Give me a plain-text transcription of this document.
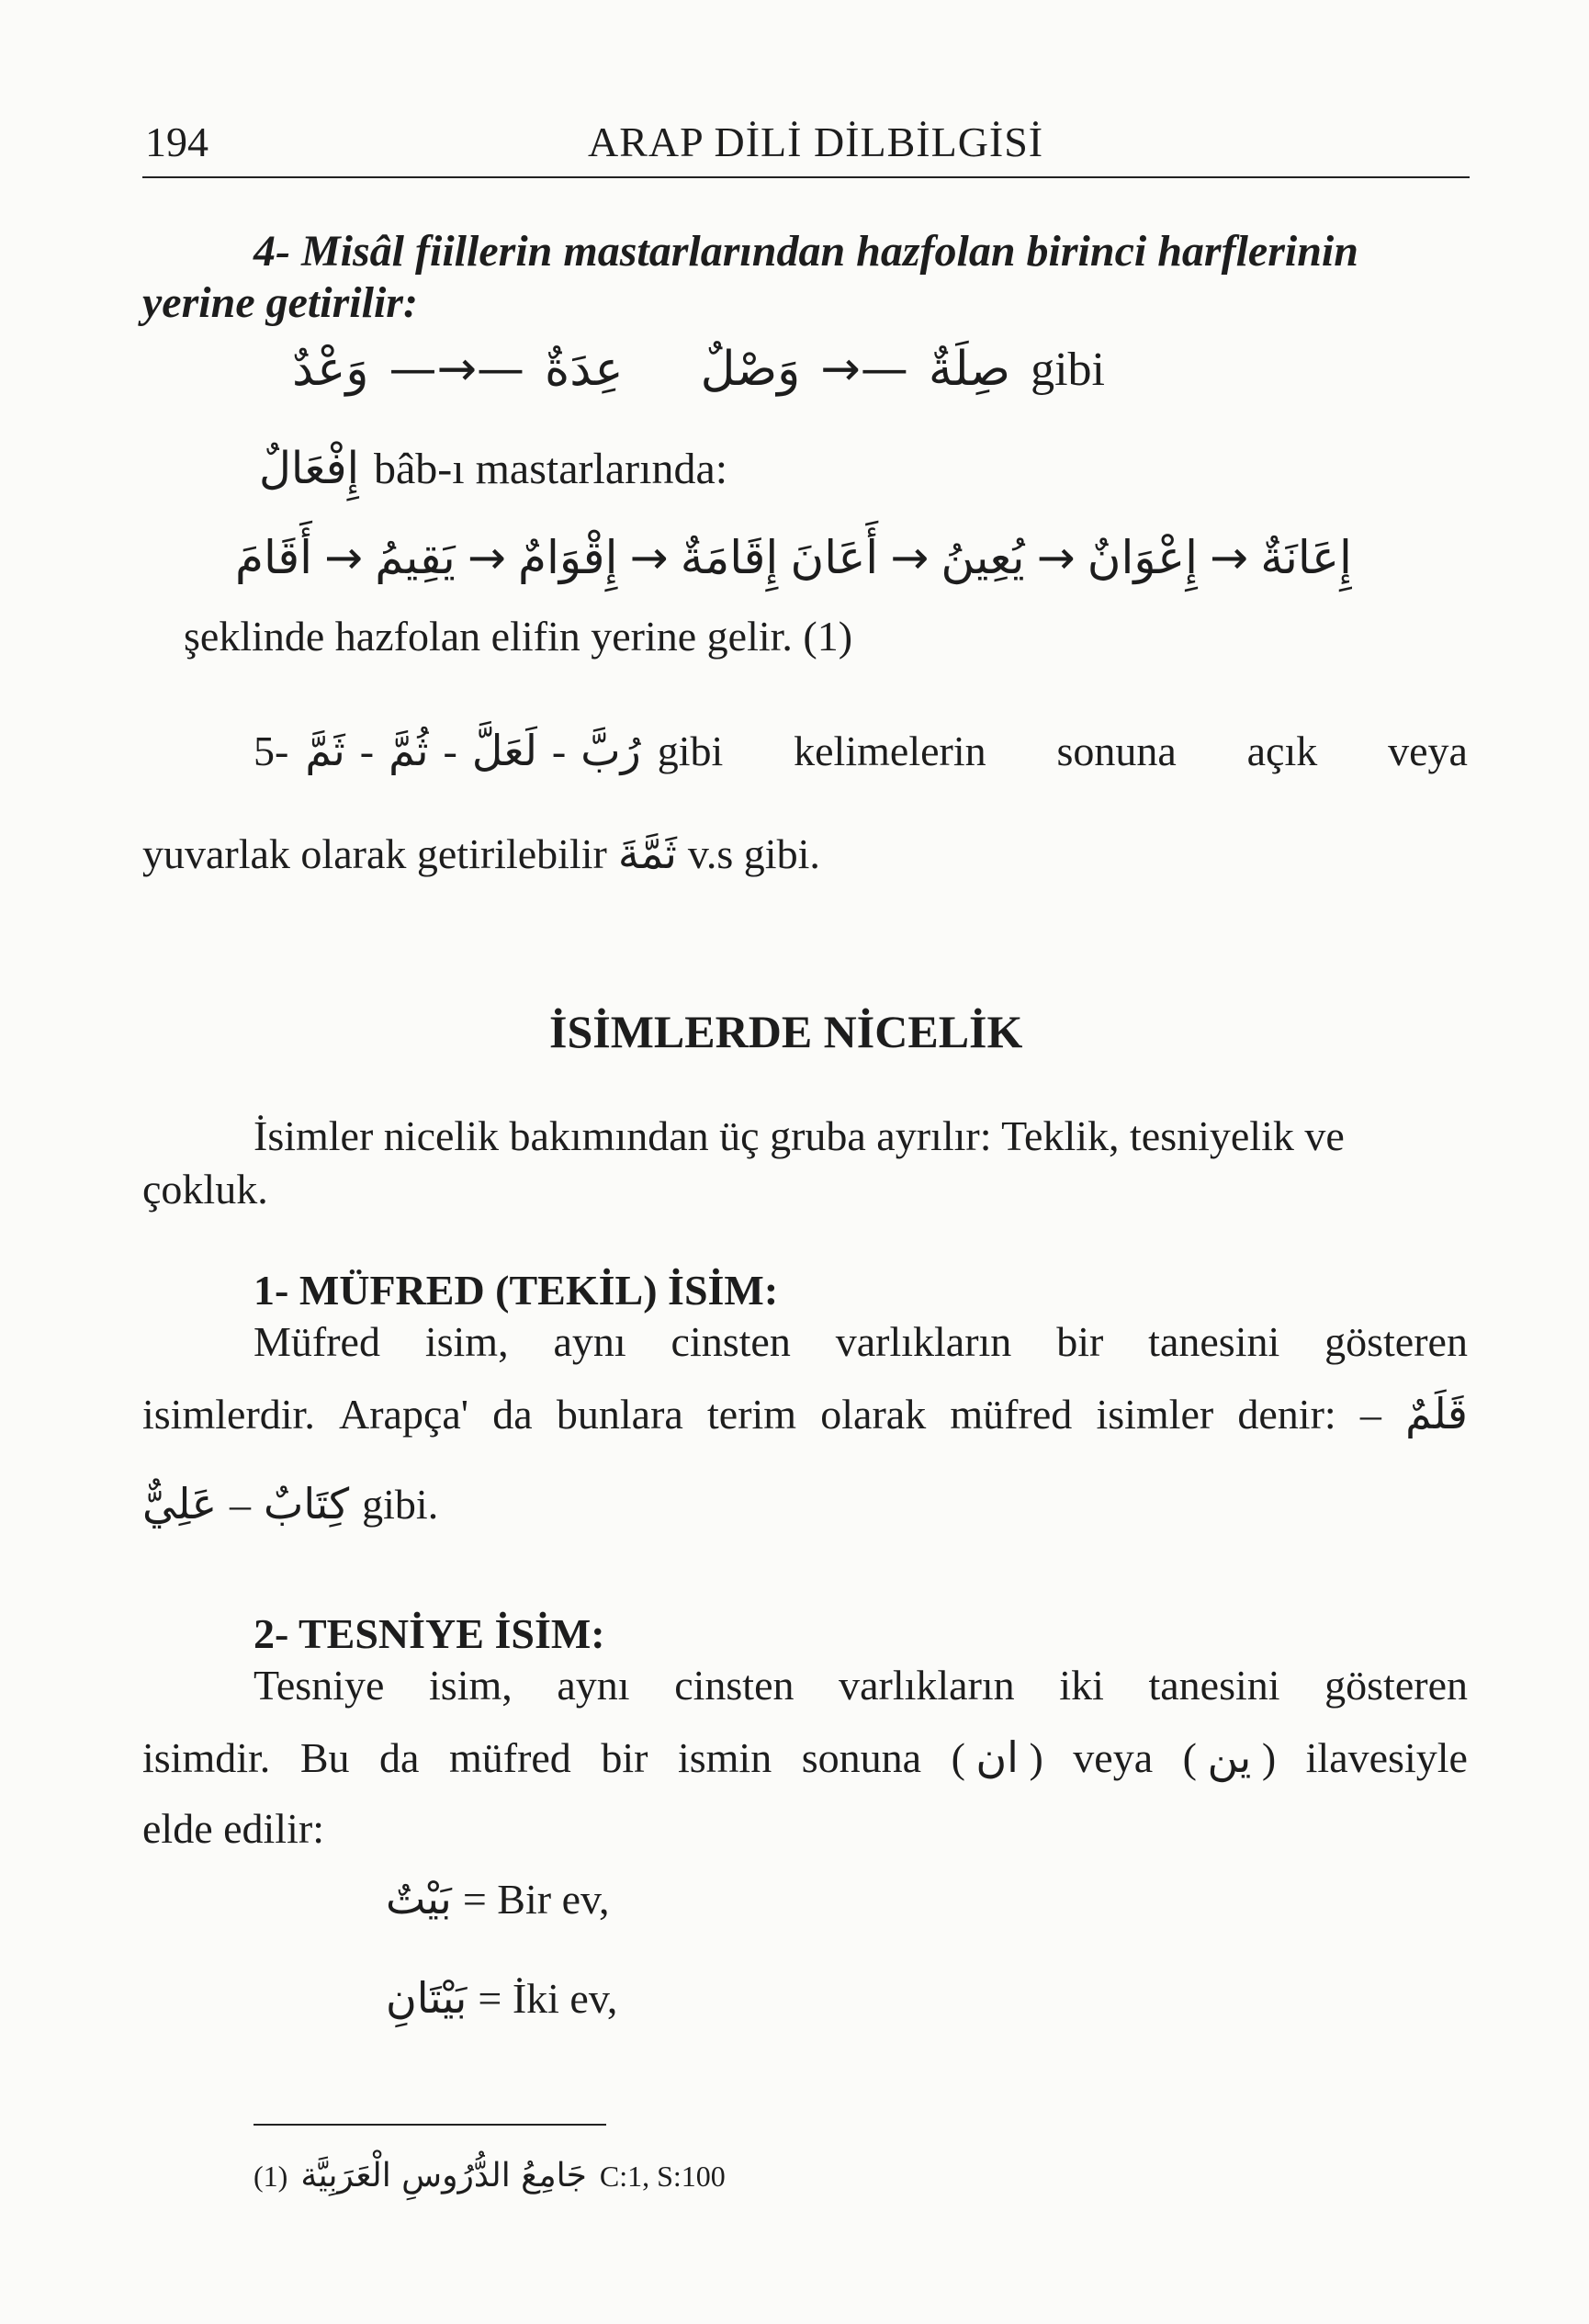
194	ARAP DİLİ DİLBİLGİSİ
4- Misâl fiillerin mastarlarından hazfolan birinci harflerinin
yerine getirilir:
وَعْدٌ —→— عِدَةٌ وَصْلٌ →— صِلَةٌ gibi
إِفْعَالٌ bâb-ı mastarlarında:
أَقَامَ → يَقِيمُ → إِقْوَامٌ → إِقَامَةٌ أَعَانَ → يُعِينُ → إِعْوَانٌ → إِعَانَةٌ
şeklinde hazfolan elifin yerine gelir. (1)
5- ثَمَّ - ثُمَّ - لَعَلَّ - رُبَّ gibi kelimelerin sonuna açık veya
yuvarlak olarak getirilebilir ثَمَّةَ v.s gibi.
İSİMLERDE NİCELİK
İsimler nicelik bakımından üç gruba ayrılır: Teklik, tesniyelik ve
çokluk.
1- MÜFRED (TEKİL) İSİM:
Müfred isim, aynı cinsten varlıkların bir tanesini gösteren
isimlerdir. Arapça' da bunlara terim olarak müfred isimler denir: – قَلَمٌ
عَلِيٌّ – كِتَابٌ gibi.
2- TESNİYE İSİM:
Tesniye isim, aynı cinsten varlıkların iki tanesini gösteren
isimdir. Bu da müfred bir ismin sonuna ( ان ) veya ( ين ) ilavesiyle
elde edilir:
بَيْتٌ = Bir ev,
بَيْتَانِ = İki ev,
(1) جَامِعُ الدُّرُوسِ الْعَرَبِيَّة C:1, S:100
